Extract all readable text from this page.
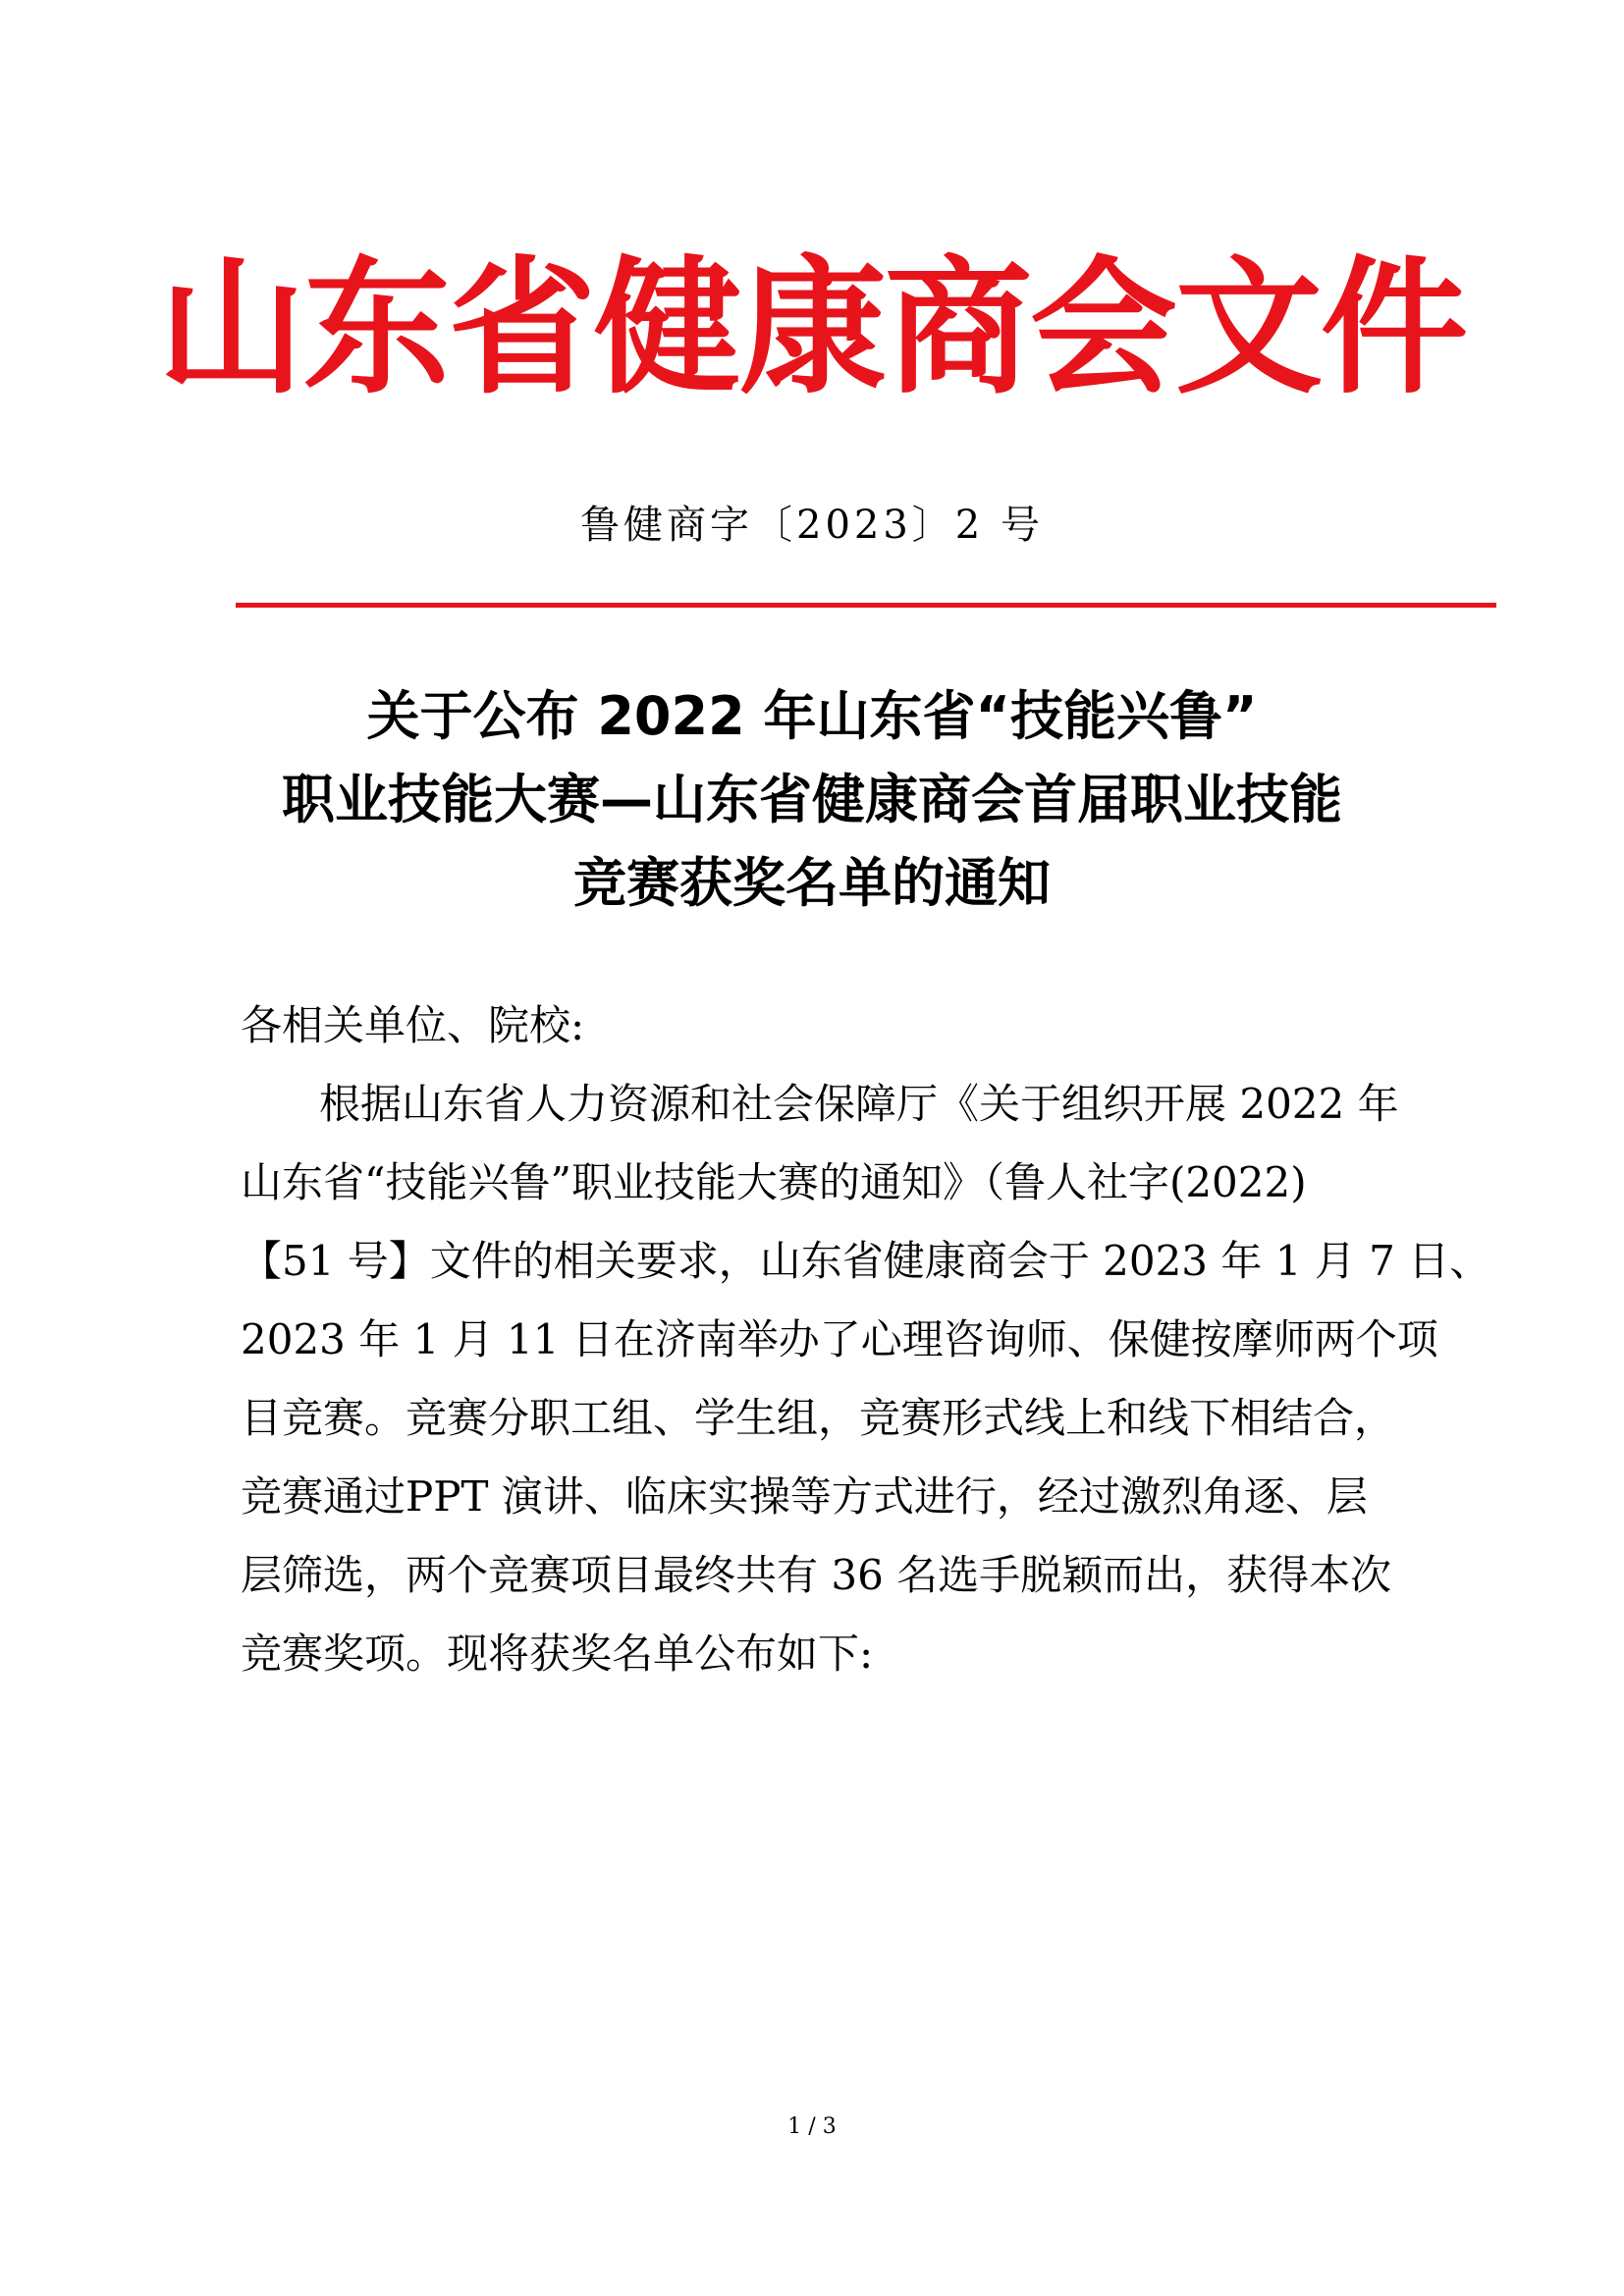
山东省健康商会文件
鲁健商字〔2023〕2 号
关于公布 2022 年山东省“技能兴鲁”
职业技能大赛—山东省健康商会首届职业技能
竞赛获奖名单的通知
各相关单位、院校:
根据山东省人力资源和社会保障厅《关于组织开展 2022 年
山东省“技能兴鲁”职业技能大赛的通知》（鲁人社字(2022)
【51 号】文件的相关要求，山东省健康商会于 2023 年 1 月 7 日、
2023 年 1 月 11 日在济南举办了心理咨询师、保健按摩师两个项
目竞赛。竞赛分职工组、学生组，竞赛形式线上和线下相结合，
竞赛通过PPT 演讲、临床实操等方式进行，经过激烈角逐、层
层筛选，两个竞赛项目最终共有 36 名选手脱颖而出，获得本次
竞赛奖项。现将获奖名单公布如下:
1 / 3
